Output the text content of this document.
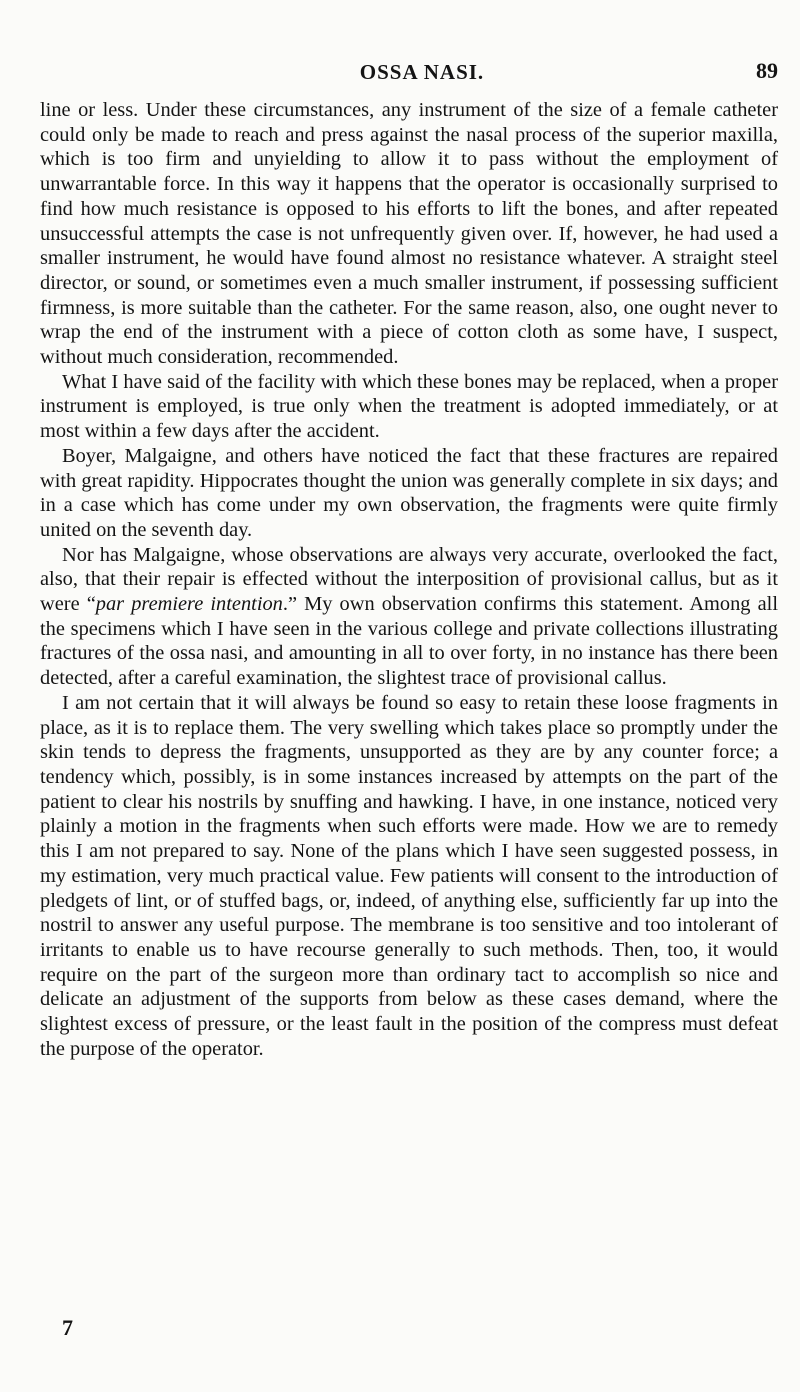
OSSA NASI.	89

line or less. Under these circumstances, any instrument of the size of a female catheter could only be made to reach and press against the nasal process of the superior maxilla, which is too firm and unyielding to allow it to pass without the employment of unwarrantable force. In this way it happens that the operator is occasionally surprised to find how much resistance is opposed to his efforts to lift the bones, and after repeated unsuccessful attempts the case is not unfrequently given over. If, however, he had used a smaller instrument, he would have found almost no resistance whatever. A straight steel director, or sound, or sometimes even a much smaller instrument, if possessing sufficient firmness, is more suitable than the catheter. For the same reason, also, one ought never to wrap the end of the instrument with a piece of cotton cloth as some have, I suspect, without much consideration, recommended.

What I have said of the facility with which these bones may be replaced, when a proper instrument is employed, is true only when the treatment is adopted immediately, or at most within a few days after the accident.

Boyer, Malgaigne, and others have noticed the fact that these fractures are repaired with great rapidity. Hippocrates thought the union was generally complete in six days; and in a case which has come under my own observation, the fragments were quite firmly united on the seventh day.

Nor has Malgaigne, whose observations are always very accurate, overlooked the fact, also, that their repair is effected without the interposition of provisional callus, but as it were “par premiere intention.” My own observation confirms this statement. Among all the specimens which I have seen in the various college and private collections illustrating fractures of the ossa nasi, and amounting in all to over forty, in no instance has there been detected, after a careful examination, the slightest trace of provisional callus.

I am not certain that it will always be found so easy to retain these loose fragments in place, as it is to replace them. The very swelling which takes place so promptly under the skin tends to depress the fragments, unsupported as they are by any counter force; a tendency which, possibly, is in some instances increased by attempts on the part of the patient to clear his nostrils by snuffing and hawking. I have, in one instance, noticed very plainly a motion in the fragments when such efforts were made. How we are to remedy this I am not prepared to say. None of the plans which I have seen suggested possess, in my estimation, very much practical value. Few patients will consent to the introduction of pledgets of lint, or of stuffed bags, or, indeed, of anything else, sufficiently far up into the nostril to answer any useful purpose. The membrane is too sensitive and too intolerant of irritants to enable us to have recourse generally to such methods. Then, too, it would require on the part of the surgeon more than ordinary tact to accomplish so nice and delicate an adjustment of the supports from below as these cases demand, where the slightest excess of pressure, or the least fault in the position of the compress must defeat the purpose of the operator.

7
